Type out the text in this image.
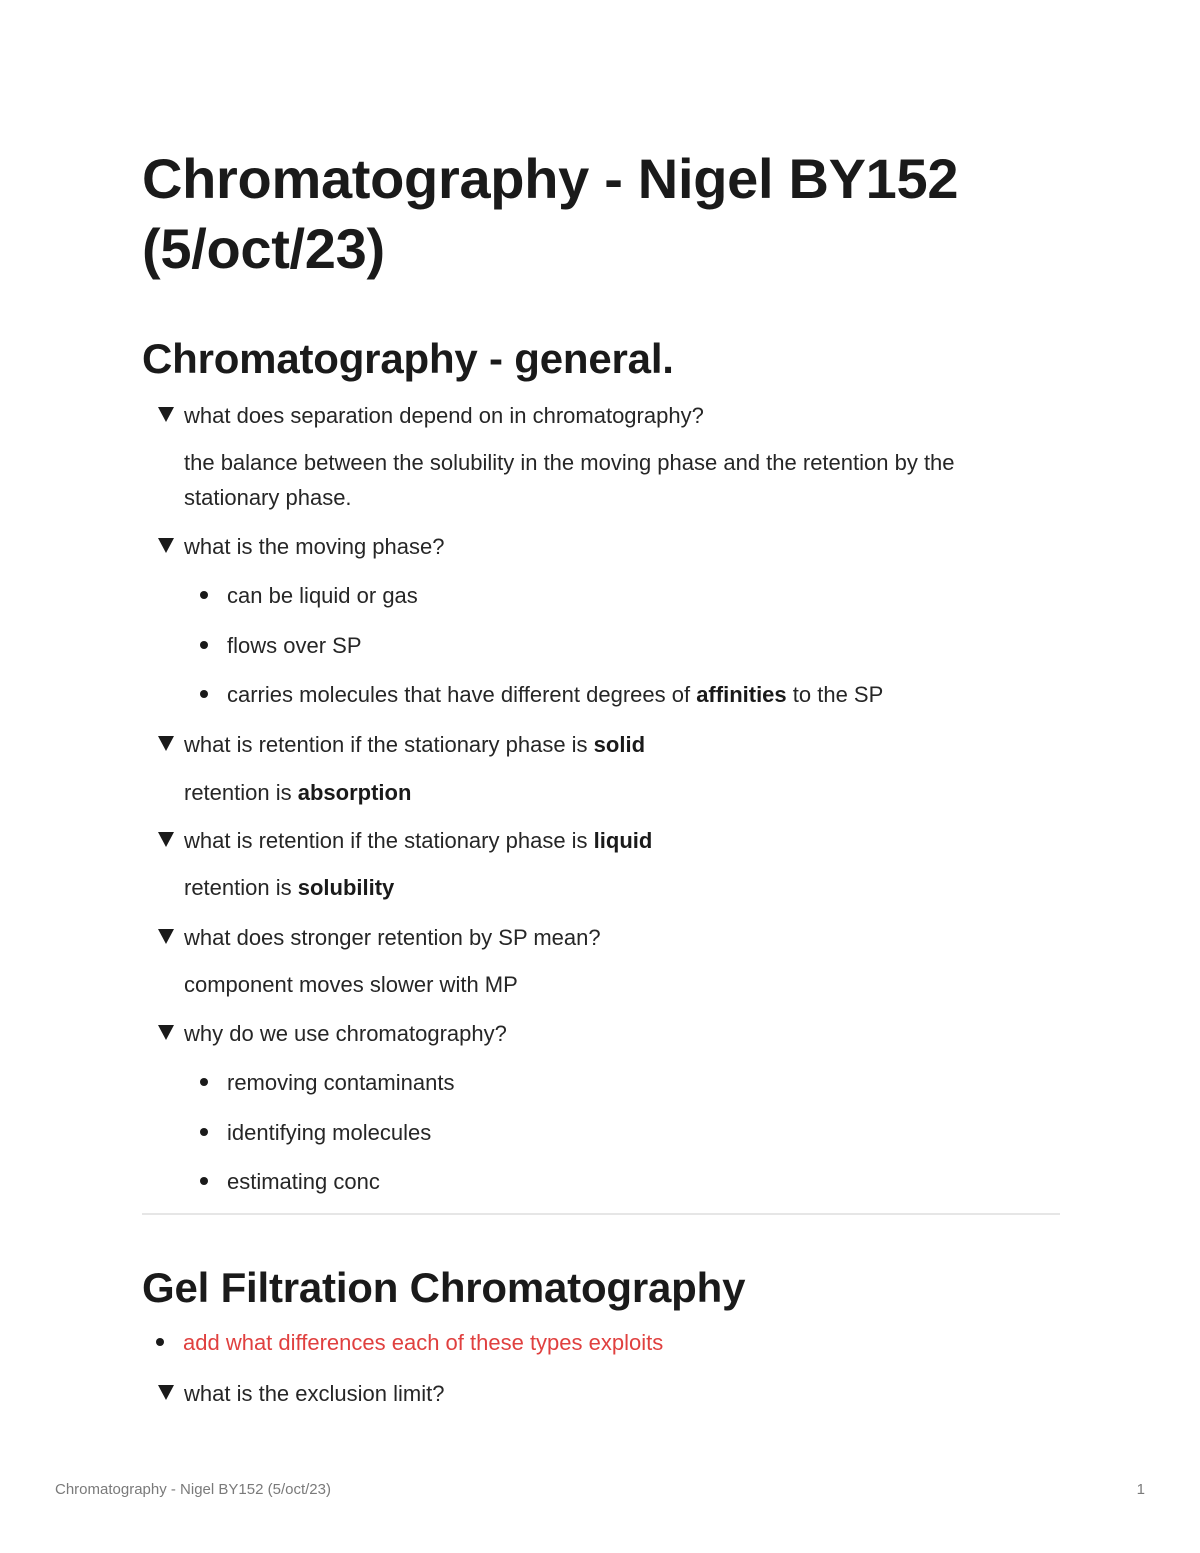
Chromatography - Nigel BY152 (5/oct/23)
Chromatography - general.
what does separation depend on in chromatography?
the balance between the solubility in the moving phase and the retention by the stationary phase.
what is the moving phase?
can be liquid or gas
flows over SP
carries molecules that have different degrees of affinities to the SP
what is retention if the stationary phase is solid
retention is absorption
what is retention if the stationary phase is liquid
retention is solubility
what does stronger retention by SP mean?
component moves slower with MP
why do we use chromatography?
removing contaminants
identifying molecules
estimating conc
Gel Filtration Chromatography
add what differences each of these types exploits
what is the exclusion limit?
Chromatography - Nigel BY152 (5/oct/23)	1
